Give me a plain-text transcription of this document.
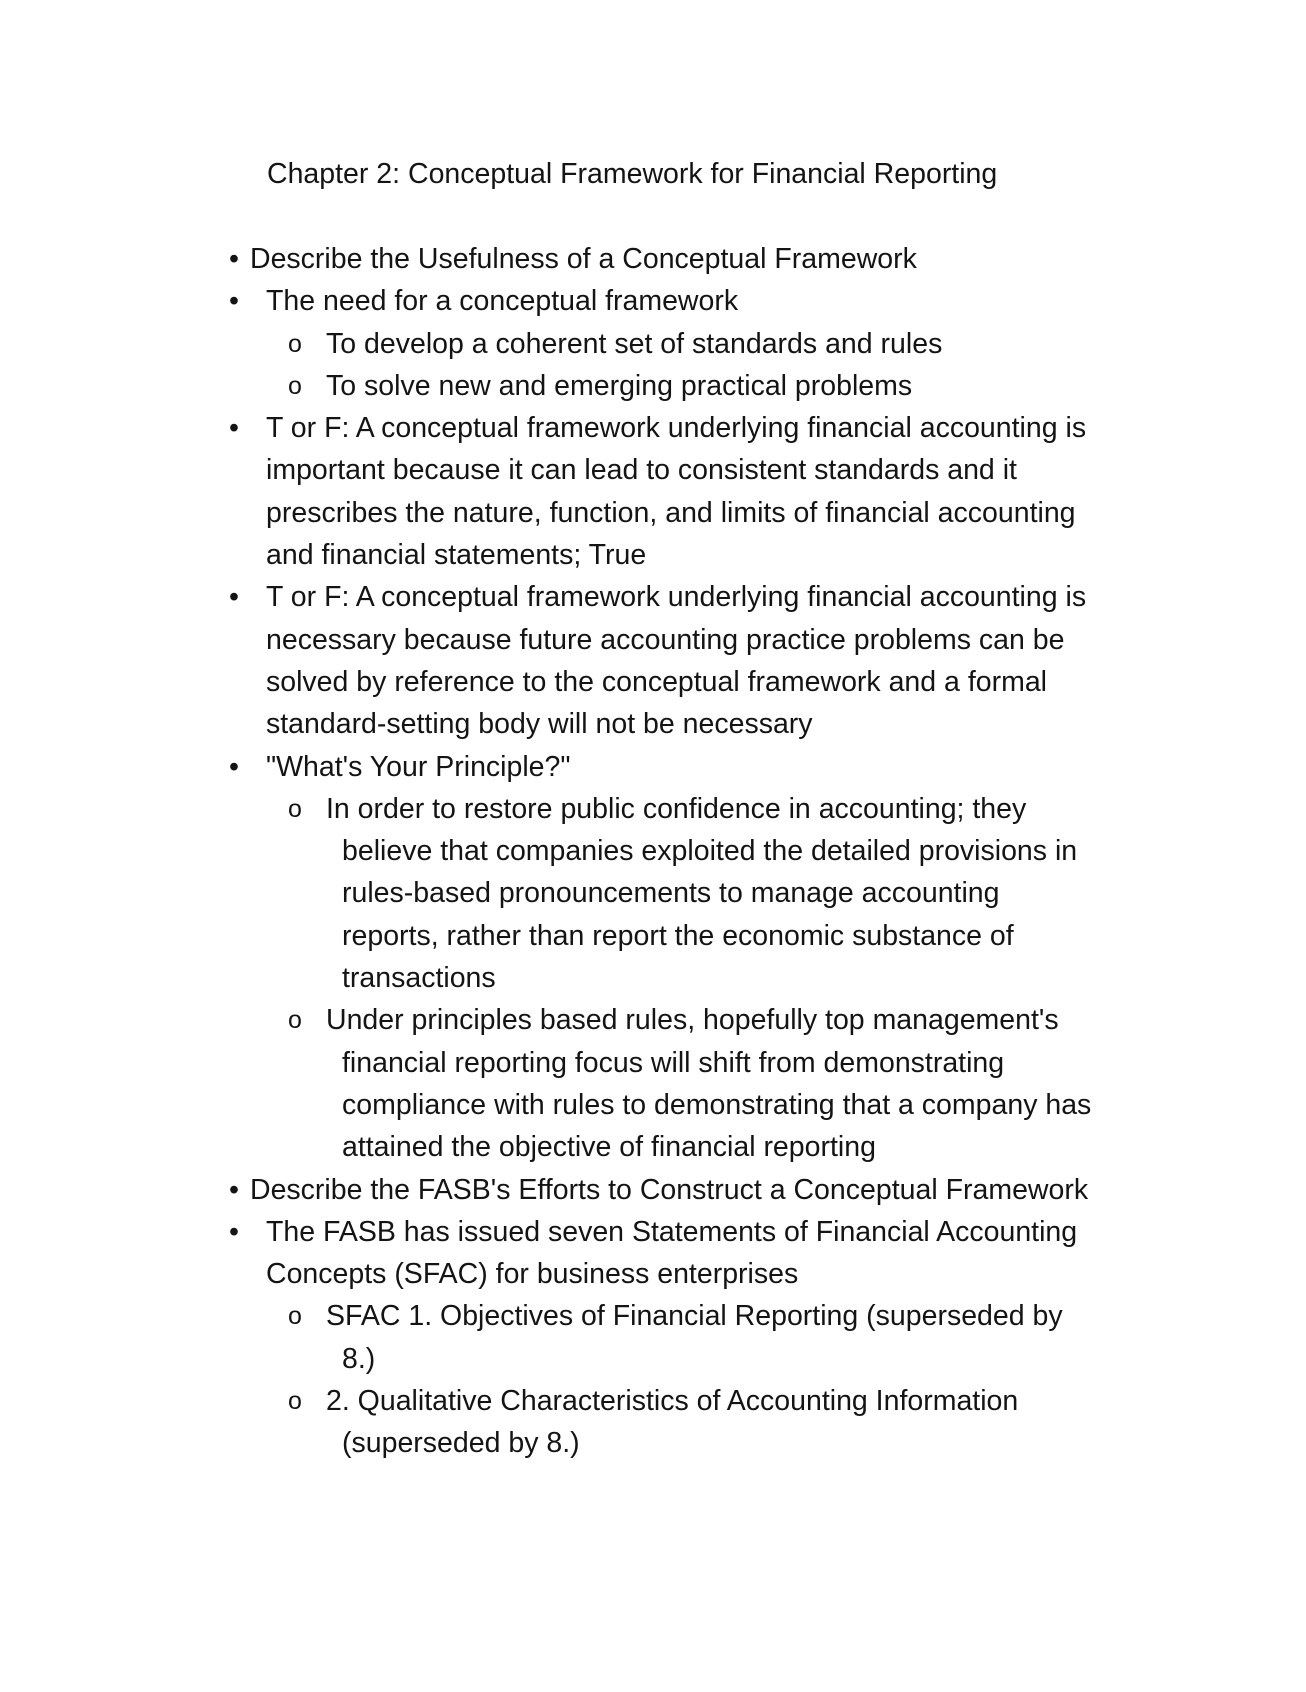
Chapter 2: Conceptual Framework for Financial Reporting
• Describe the Usefulness of a Conceptual Framework
• The need for a conceptual framework
o To develop a coherent set of standards and rules
o To solve new and emerging practical problems
• T or F: A conceptual framework underlying financial accounting is important because it can lead to consistent standards and it prescribes the nature, function, and limits of financial accounting and financial statements; True
• T or F: A conceptual framework underlying financial accounting is necessary because future accounting practice problems can be solved by reference to the conceptual framework and a formal standard-setting body will not be necessary
• "What's Your Principle?"
o In order to restore public confidence in accounting; they believe that companies exploited the detailed provisions in rules-based pronouncements to manage accounting reports, rather than report the economic substance of transactions
o Under principles based rules, hopefully top management's financial reporting focus will shift from demonstrating compliance with rules to demonstrating that a company has attained the objective of financial reporting
• Describe the FASB's Efforts to Construct a Conceptual Framework
• The FASB has issued seven Statements of Financial Accounting Concepts (SFAC) for business enterprises
o SFAC 1. Objectives of Financial Reporting (superseded by 8.)
o 2. Qualitative Characteristics of Accounting Information (superseded by 8.)
